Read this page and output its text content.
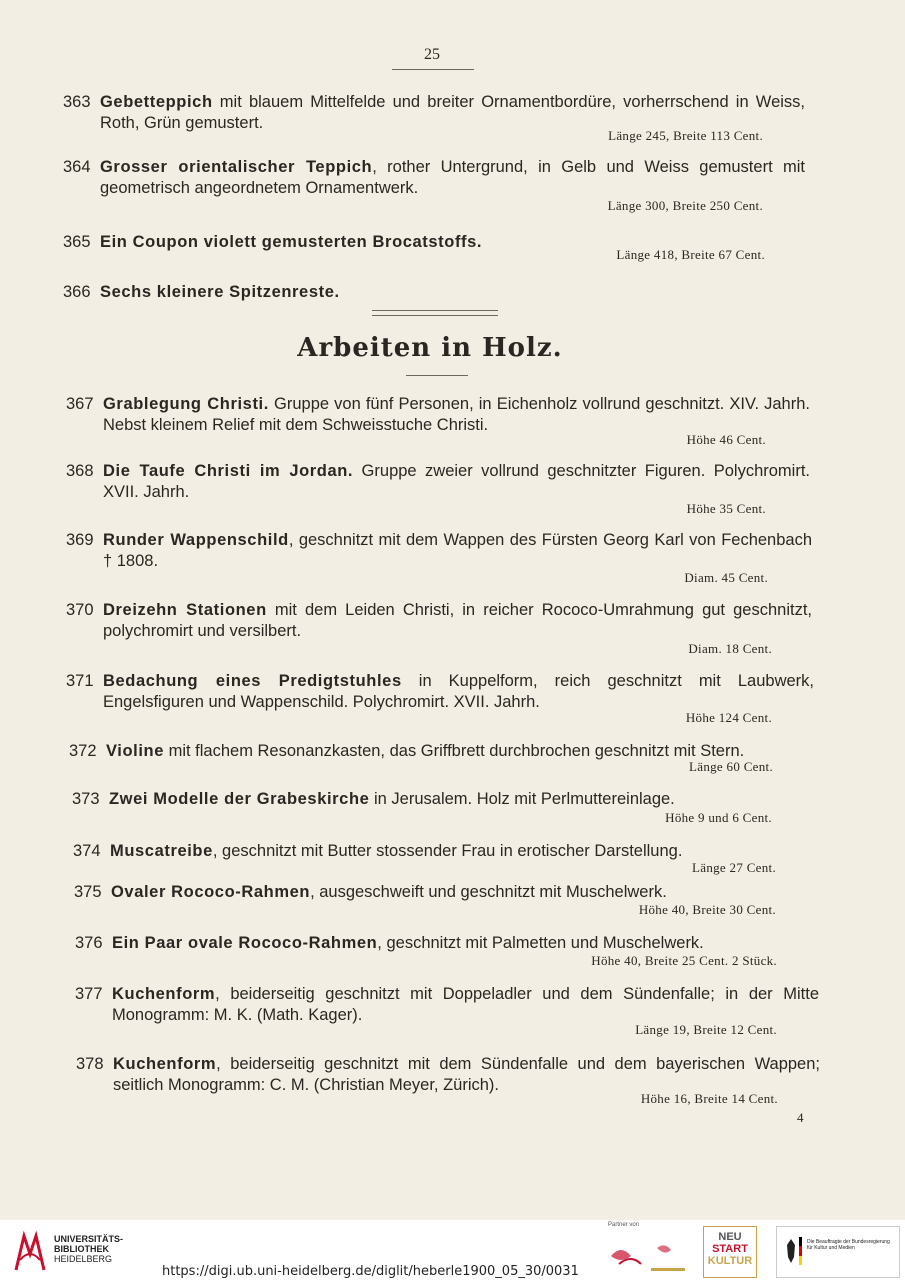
25
363 Gebetteppich mit blauem Mittelfelde und breiter Ornamentbordüre, vorherrschend in Weiss, Roth, Grün gemustert.
Länge 245, Breite 113 Cent.
364 Grosser orientalischer Teppich, rother Untergrund, in Gelb und Weiss gemustert mit geometrisch angeordnetem Ornamentwerk.
Länge 300, Breite 250 Cent.
365 Ein Coupon violett gemusterten Brocatstoffs.
Länge 418, Breite 67 Cent.
366 Sechs kleinere Spitzenreste.
Arbeiten in Holz.
367 Grablegung Christi. Gruppe von fünf Personen, in Eichenholz vollrund geschnitzt. XIV. Jahrh. Nebst kleinem Relief mit dem Schweisstuche Christi.
Höhe 46 Cent.
368 Die Taufe Christi im Jordan. Gruppe zweier vollrund geschnitzter Figuren. Polychromirt. XVII. Jahrh.
Höhe 35 Cent.
369 Runder Wappenschild, geschnitzt mit dem Wappen des Fürsten Georg Karl von Fechenbach † 1808.
Diam. 45 Cent.
370 Dreizehn Stationen mit dem Leiden Christi, in reicher Rococo-Umrahmung gut geschnitzt, polychromirt und versilbert.
Diam. 18 Cent.
371 Bedachung eines Predigtstuhles in Kuppelform, reich geschnitzt mit Laubwerk, Engelsfiguren und Wappenschild. Polychromirt. XVII. Jahrh.
Höhe 124 Cent.
372 Violine mit flachem Resonanzkasten, das Griffbrett durchbrochen geschnitzt mit Stern.
Länge 60 Cent.
373 Zwei Modelle der Grabeskirche in Jerusalem. Holz mit Perlmuttereinlage.
Höhe 9 und 6 Cent.
374 Muscatreibe, geschnitzt mit Butter stossender Frau in erotischer Darstellung.
Länge 27 Cent.
375 Ovaler Rococo-Rahmen, ausgeschweift und geschnitzt mit Muschelwerk.
Höhe 40, Breite 30 Cent.
376 Ein Paar ovale Rococo-Rahmen, geschnitzt mit Palmetten und Muschelwerk.
Höhe 40, Breite 25 Cent. 2 Stück.
377 Kuchenform, beiderseitig geschnitzt mit Doppeladler und dem Sündenfalle; in der Mitte Monogramm: M. K. (Math. Kager).
Länge 19, Breite 12 Cent.
378 Kuchenform, beiderseitig geschnitzt mit dem Sündenfalle und dem bayerischen Wappen; seitlich Monogramm: C. M. (Christian Meyer, Zürich).
Höhe 16, Breite 14 Cent.
4
UNIVERSITÄTS-
BIBLIOTHEK
HEIDELBERG
https://digi.ub.uni-heidelberg.de/diglit/heberle1900_05_30/0031
Partner von
NEU
START
KULTUR
Die Beauftragte der Bundesregierung für Kultur und Medien
